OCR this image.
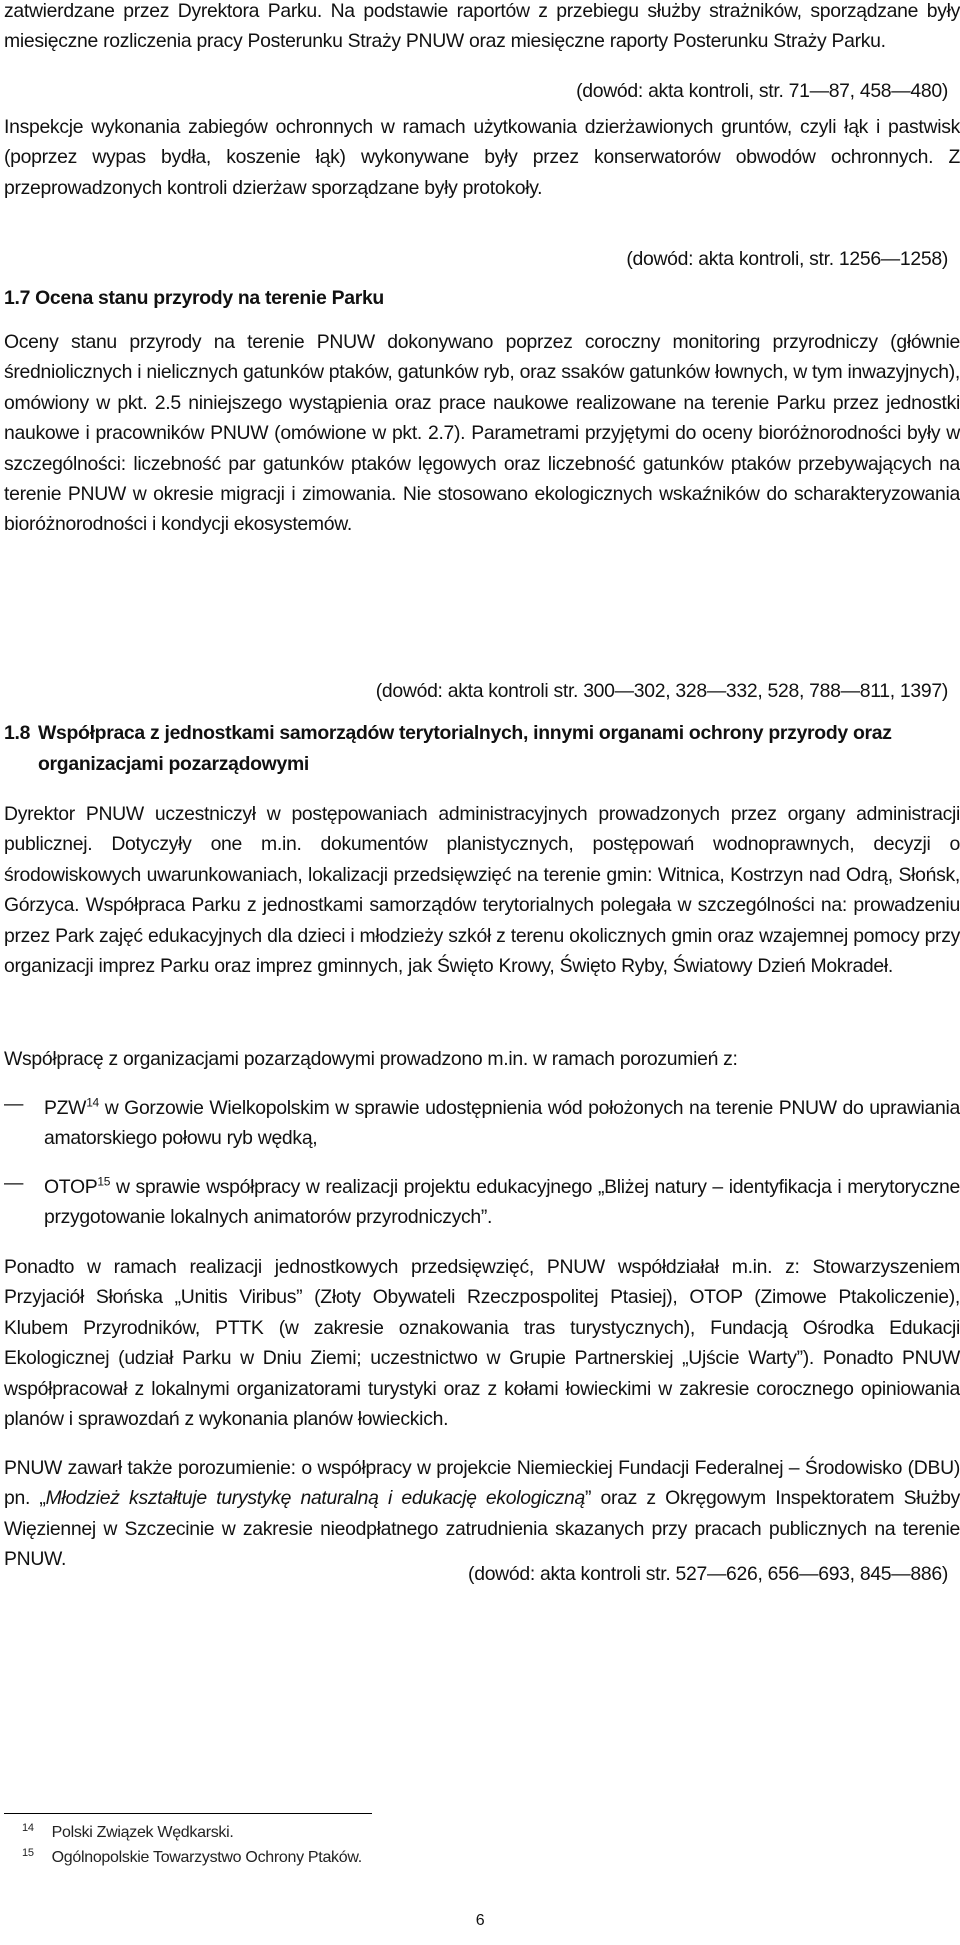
zatwierdzane przez Dyrektora Parku. Na podstawie raportów z przebiegu służby strażników, sporządzane były miesięczne rozliczenia pracy Posterunku Straży PNUW oraz miesięczne raporty Posterunku Straży Parku.

(dowód: akta kontroli, str. 71—87, 458—480)

Inspekcje wykonania zabiegów ochronnych w ramach użytkowania dzierżawionych gruntów, czyli łąk i pastwisk (poprzez wypas bydła, koszenie łąk) wykonywane były przez konserwatorów obwodów ochronnych. Z przeprowadzonych kontroli dzierżaw sporządzane były protokoły.

(dowód: akta kontroli, str. 1256—1258)

1.7 Ocena stanu przyrody na terenie Parku

Oceny stanu przyrody na terenie PNUW dokonywano poprzez coroczny monitoring przyrodniczy (głównie średniolicznych i nielicznych gatunków ptaków, gatunków ryb, oraz ssaków gatunków łownych, w tym inwazyjnych), omówiony w pkt. 2.5 niniejszego wystąpienia oraz prace naukowe realizowane na terenie Parku przez jednostki naukowe i pracowników PNUW (omówione w pkt. 2.7). Parametrami przyjętymi do oceny bioróżnorodności były w szczególności: liczebność par gatunków ptaków lęgowych oraz liczebność gatunków ptaków przebywających na terenie PNUW w okresie migracji i zimowania. Nie stosowano ekologicznych wskaźników do scharakteryzowania bioróżnorodności i kondycji ekosystemów.

(dowód: akta kontroli str. 300—302, 328—332, 528, 788—811, 1397)

1.8 Współpraca z jednostkami samorządów terytorialnych, innymi organami ochrony przyrody oraz organizacjami pozarządowymi

Dyrektor PNUW uczestniczył w postępowaniach administracyjnych prowadzonych przez organy administracji publicznej. Dotyczyły one m.in. dokumentów planistycznych, postępowań wodnoprawnych, decyzji o środowiskowych uwarunkowaniach, lokalizacji przedsięwzięć na terenie gmin: Witnica, Kostrzyn nad Odrą, Słońsk, Górzyca. Współpraca Parku z jednostkami samorządów terytorialnych polegała w szczególności na: prowadzeniu przez Park zajęć edukacyjnych dla dzieci i młodzieży szkół z terenu okolicznych gmin oraz wzajemnej pomocy przy organizacji imprez Parku oraz imprez gminnych, jak Święto Krowy, Święto Ryby, Światowy Dzień Mokradeł.

Współpracę z organizacjami pozarządowymi prowadzono m.in. w ramach porozumień z:

—	PZW$^{14}$ w Gorzowie Wielkopolskim w sprawie udostępnienia wód położonych na terenie PNUW do uprawiania amatorskiego połowu ryb wędką,

—	OTOP$^{15}$ w sprawie współpracy w realizacji projektu edukacyjnego „Bliżej natury – identyfikacja i merytoryczne przygotowanie lokalnych animatorów przyrodniczych”.

Ponadto w ramach realizacji jednostkowych przedsięwzięć, PNUW współdziałał m.in. z: Stowarzyszeniem Przyjaciół Słońska „Unitis Viribus” (Złoty Obywateli Rzeczpospolitej Ptasiej), OTOP (Zimowe Ptakoliczenie), Klubem Przyrodników, PTTK (w zakresie oznakowania tras turystycznych), Fundacją Ośrodka Edukacji Ekologicznej (udział Parku w Dniu Ziemi; uczestnictwo w Grupie Partnerskiej „Ujście Warty”). Ponadto PNUW współpracował z lokalnymi organizatorami turystyki oraz z kołami łowieckimi w zakresie corocznego opiniowania planów i sprawozdań z wykonania planów łowieckich.

PNUW zawarł także porozumienie: o współpracy w projekcie Niemieckiej Fundacji Federalnej – Środowisko (DBU) pn. „Młodzież kształtuje turystykę naturalną i edukację ekologiczną” oraz z Okręgowym Inspektoratem Służby Więziennej w Szczecinie w zakresie nieodpłatnego zatrudnienia skazanych przy pracach publicznych na terenie PNUW.

(dowód: akta kontroli str. 527—626, 656—693, 845—886)

$^{14}$ Polski Związek Wędkarski.
$^{15}$ Ogólnopolskie Towarzystwo Ochrony Ptaków.
6
